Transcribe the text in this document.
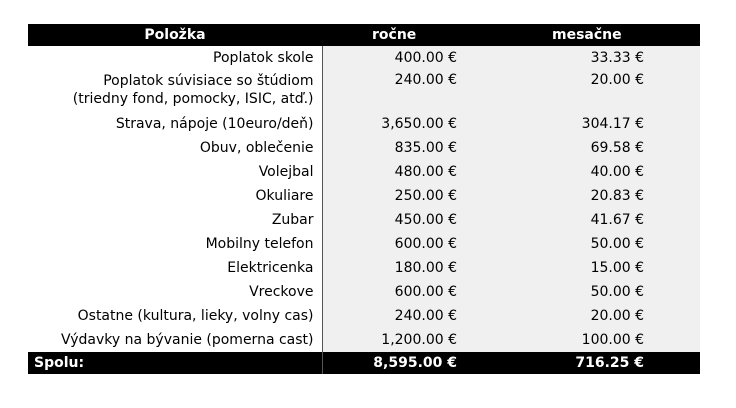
Položka	ročne	mesačne
Poplatok skole	400.00 €	33.33 €

Poplatok súvisiace so štúdiom
(triedny fond, pomocky, ISIC, atď.)	240.00 €	20.00 €
Strava, nápoje (10euro/deň)	3,650.00 €	304.17 €
Obuv, oblečenie	835.00 €	69.58 €
Volejbal	480.00 €	40.00 €
Okuliare	250.00 €	20.83 €
Zubar	450.00 €	41.67 €
Mobilny telefon	600.00 €	50.00 €
Elektricenka	180.00 €	15.00 €
Vreckove	600.00 €	50.00 €
Ostatne (kultura, lieky, volny cas)	240.00 €	20.00 €
Výdavky na bývanie (pomerna cast)	1,200.00 €	100.00 €
Spolu:	8,595.00 €	716.25 €
